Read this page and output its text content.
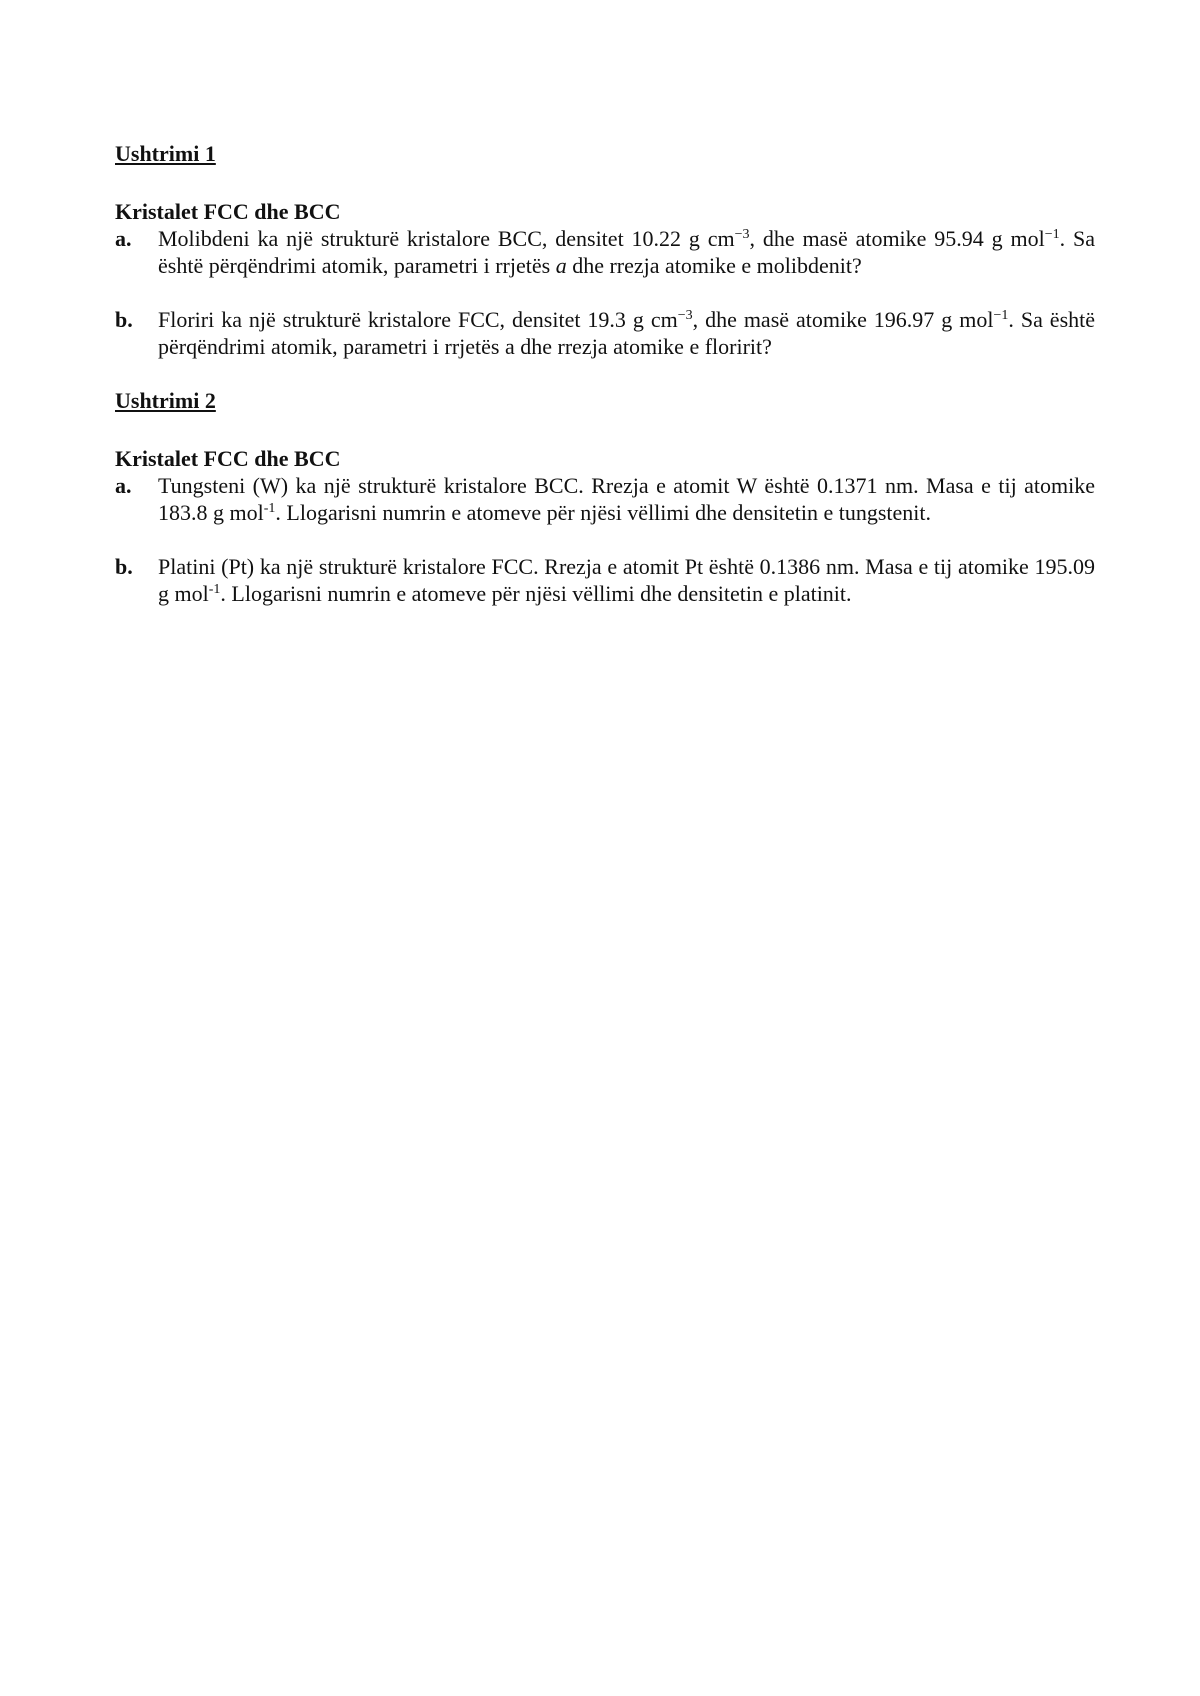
Ushtrimi 1

Kristalet FCC dhe BCC

a.	Molibdeni ka një strukturë kristalore BCC, densitet 10.22 g $cm^{-3}$, dhe masë atomike 95.94 g mol$^{-1}$. Sa është përqëndrimi atomik, parametri i rrjetës a dhe rrezja atomike e molibdenit?
b.	Floriri ka një strukturë kristalore FCC, densitet 19.3 g $cm^{-3}$, dhe masë atomike 196.97 g mol$^{-1}$. Sa është përqëndrimi atomik, parametri i rrjetës a dhe rrezja atomike e floririt?

Ushtrimi 2

Kristalet FCC dhe BCC

a.	Tungsteni (W) ka një strukturë kristalore BCC. Rrezja e atomit W është 0.1371 nm. Masa e tij atomike 183.8 g mol$^{-1}$. Llogarisni numrin e atomeve për njësi vëllimi dhe densitetin e tungstenit.
b.	Platini (Pt) ka një strukturë kristalore FCC. Rrezja e atomit Pt është 0.1386 nm. Masa e tij atomike 195.09 g mol$^{-1}$. Llogarisni numrin e atomeve për njësi vëllimi dhe densitetin e platinit.
